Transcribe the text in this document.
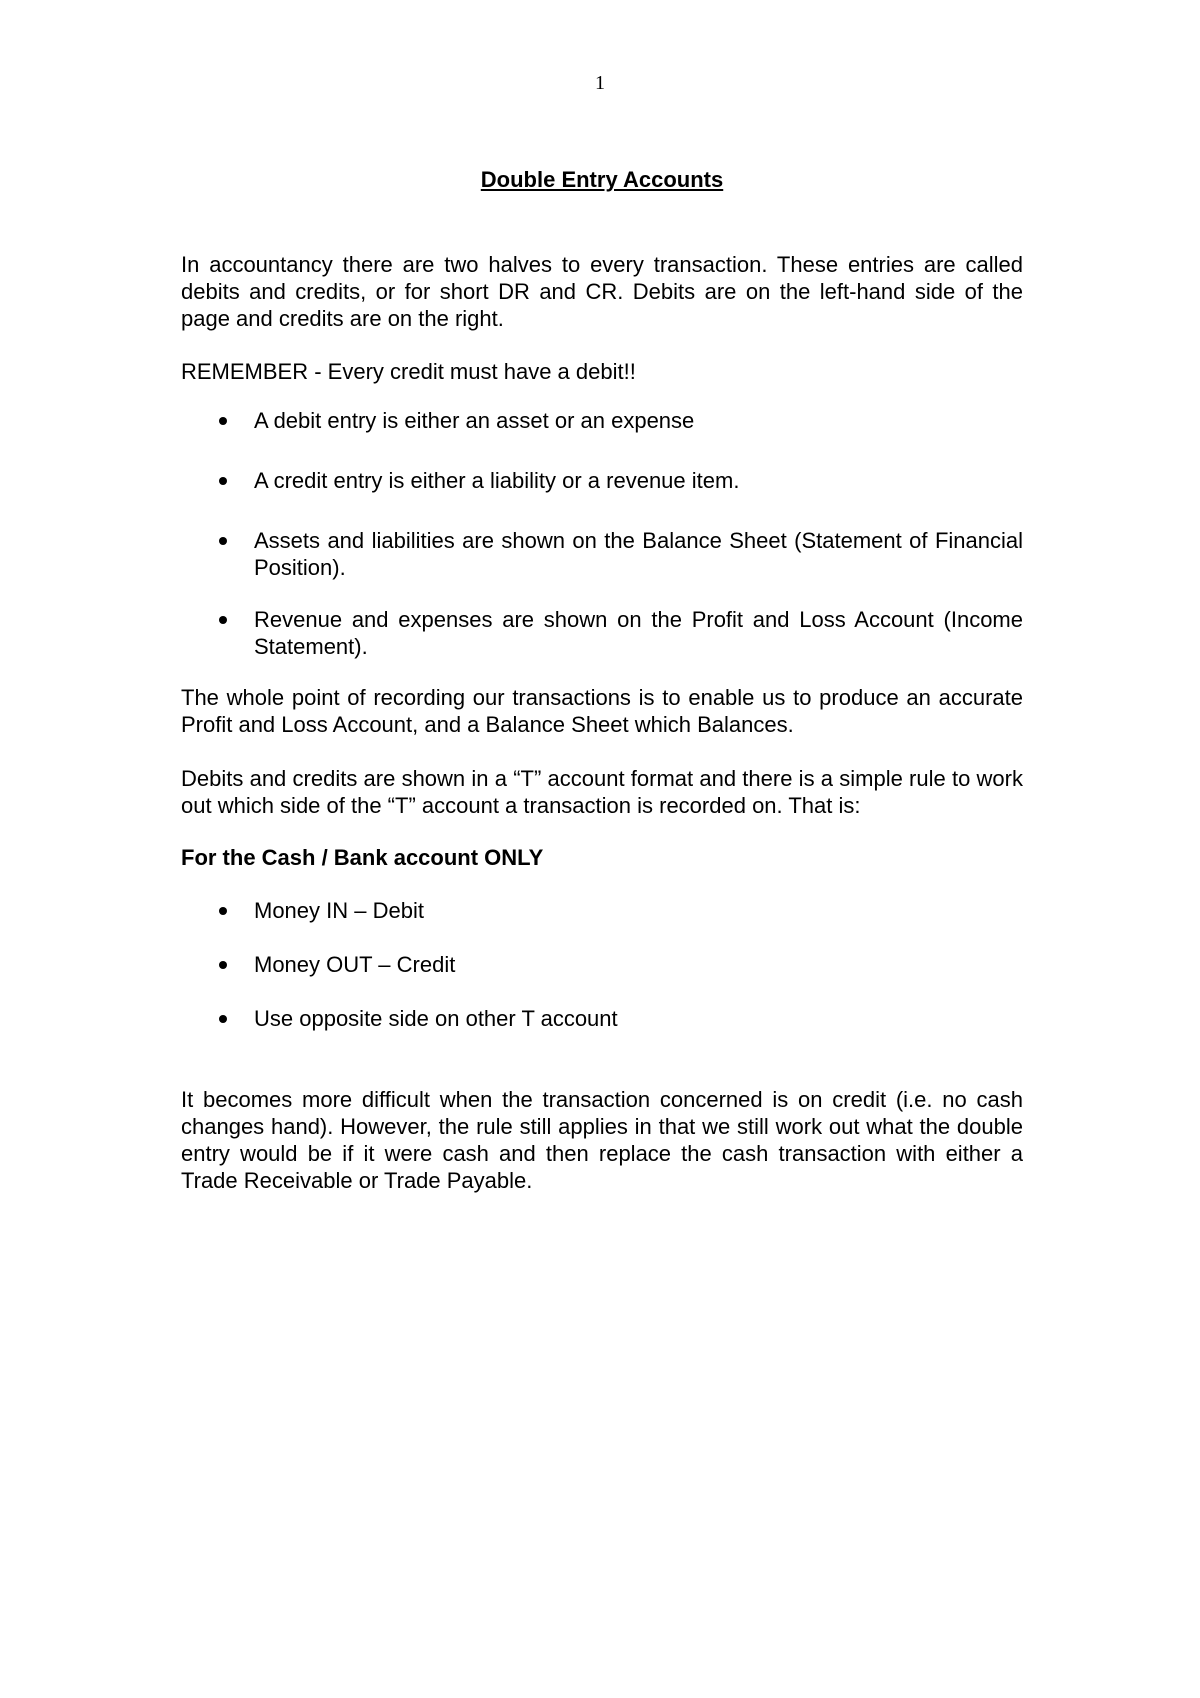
1
Double Entry Accounts

In accountancy there are two halves to every transaction. These entries are called debits and credits, or for short DR and CR. Debits are on the left-hand side of the page and credits are on the right.

REMEMBER - Every credit must have a debit!!

A debit entry is either an asset or an expense
A credit entry is either a liability or a revenue item.
Assets and liabilities are shown on the Balance Sheet (Statement of Financial Position).
Revenue and expenses are shown on the Profit and Loss Account (Income Statement).

The whole point of recording our transactions is to enable us to produce an accurate Profit and Loss Account, and a Balance Sheet which Balances.

Debits and credits are shown in a “T” account format and there is a simple rule to work out which side of the “T” account a transaction is recorded on. That is:

For the Cash / Bank account ONLY
Money IN – Debit
Money OUT – Credit
Use opposite side on other T account

It becomes more difficult when the transaction concerned is on credit (i.e. no cash changes hand). However, the rule still applies in that we still work out what the double entry would be if it were cash and then replace the cash transaction with either a Trade Receivable or Trade Payable.
